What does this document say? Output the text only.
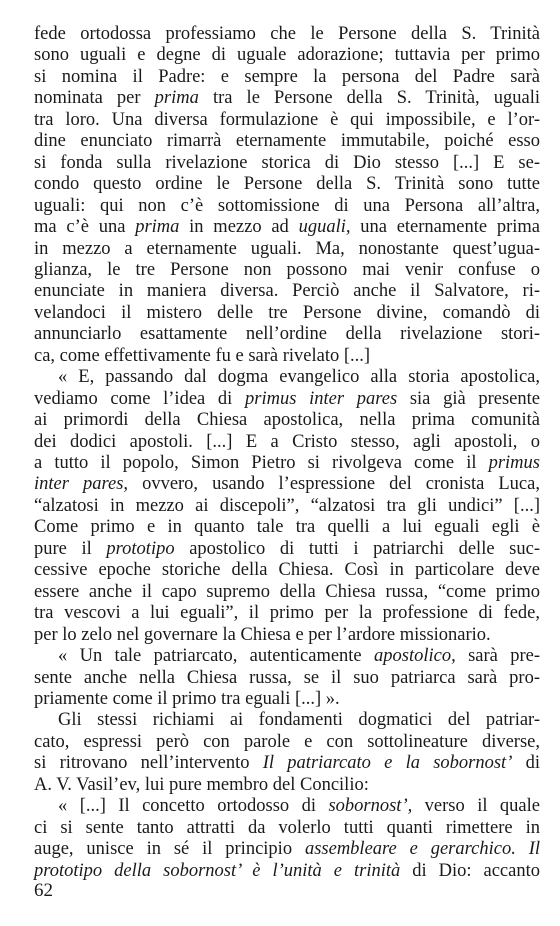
fede ortodossa professiamo che le Persone della S. Trinità
sono uguali e degne di uguale adorazione; tuttavia per primo
si nomina il Padre: e sempre la persona del Padre sarà
nominata per prima tra le Persone della S. Trinità, uguali
tra loro. Una diversa formulazione è qui impossibile, e l’or-
dine enunciato rimarrà eternamente immutabile, poiché esso
si fonda sulla rivelazione storica di Dio stesso [...] E se-
condo questo ordine le Persone della S. Trinità sono tutte
uguali: qui non c’è sottomissione di una Persona all’altra,
ma c’è una prima in mezzo ad uguali, una eternamente prima
in mezzo a eternamente uguali. Ma, nonostante quest’ugua-
glianza, le tre Persone non possono mai venir confuse o
enunciate in maniera diversa. Perciò anche il Salvatore, ri-
velandoci il mistero delle tre Persone divine, comandò di
annunciarlo esattamente nell’ordine della rivelazione stori-
ca, come effettivamente fu e sarà rivelato [...]
« E, passando dal dogma evangelico alla storia apostolica,
vediamo come l’idea di primus inter pares sia già presente
ai primordi della Chiesa apostolica, nella prima comunità
dei dodici apostoli. [...] E a Cristo stesso, agli apostoli, o
a tutto il popolo, Simon Pietro si rivolgeva come il primus
inter pares, ovvero, usando l’espressione del cronista Luca,
“alzatosi in mezzo ai discepoli”, “alzatosi tra gli undici” [...]
Come primo e in quanto tale tra quelli a lui eguali egli è
pure il prototipo apostolico di tutti i patriarchi delle suc-
cessive epoche storiche della Chiesa. Così in particolare deve
essere anche il capo supremo della Chiesa russa, “come primo
tra vescovi a lui eguali”, il primo per la professione di fede,
per lo zelo nel governare la Chiesa e per l’ardore missionario.
« Un tale patriarcato, autenticamente apostolico, sarà pre-
sente anche nella Chiesa russa, se il suo patriarca sarà pro-
priamente come il primo tra eguali [...] ».
Gli stessi richiami ai fondamenti dogmatici del patriar-
cato, espressi però con parole e con sottolineature diverse,
si ritrovano nell’intervento Il patriarcato e la sobornost’ di
A. V. Vasil’ev, lui pure membro del Concilio:
« [...] Il concetto ortodosso di sobornost’, verso il quale
ci si sente tanto attratti da volerlo tutti quanti rimettere in
auge, unisce in sé il principio assembleare e gerarchico. Il
prototipo della sobornost’ è l’unità e trinità di Dio: accanto
62
